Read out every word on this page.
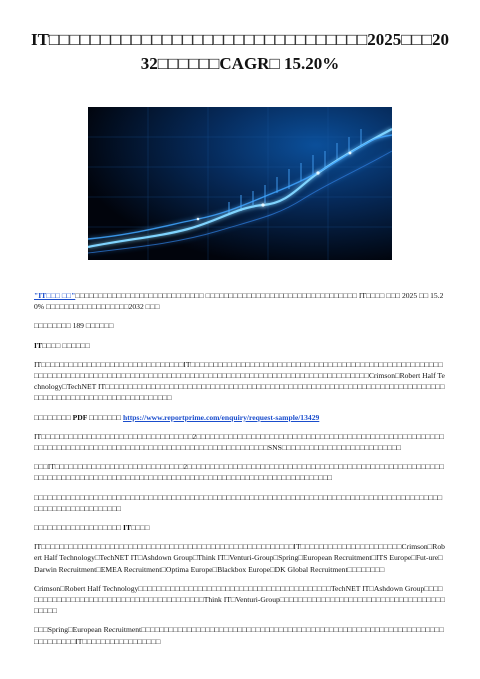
IT□□□□□□□□□□□□□□□□□□□□□□□□□□□□□□□2025□□□2032□□□□□□CAGR□ 15.20%

"IT□□□ □□"□□□□□□□□□□□□□□□□□□□□□□□□□□□□ □□□□□□□□□□□□□□□□□□□□□□□□□□□□□□□□□ IT□□□□ □□□ 2025 □□ 15.20% □□□□□□□□□□□□□□□□□□2032 □□□

□□□□□□□□ 189 □□□□□□

IT□□□□ □□□□□□

IT□□□□□□□□□□□□□□□□□□□□□□□□□□□□□□□IT□□□□□□□□□□□□□□□□□□□□□□□□□□□□□□□□□□□□□□□□□□□□□□□□□□□□□□□□□□□□□□□□□□□□□□□□□□□□□□□□□□□□□□□□□□□□□□□□□□□□□□□□□□□□□□□□□□□□□□□□□□□□□□□□Crimson□Robert Half Technology□TechNET IT□□□□□□□□□□□□□□□□□□□□□□□□□□□□□□□□□□□□□□□□□□□□□□□□□□□□□□□□□□□□□□□□□□□□□□□□□□□□□□□□□□□□□□□□□□□□□□□□□□□□□□□□

□□□□□□□□ PDF □□□□□□□ https://www.reportprime.com/enquiry/request-sample/13429

IT□□□□□□□□□□□□□□□□□□□□□□□□□□□□□□□□□2□□□□□□□□□□□□□□□□□□□□□□□□□□□□□□□□□□□□□□□□□□□□□□□□□□□□□□□□□□□□□□□□□□□□□□□□□□□□□□□□□□□□□□□□□□□□□□□□□□□□□□□□□SNS□□□□□□□□□□□□□□□□□□□□□□□□□□

□□□IT□□□□□□□□□□□□□□□□□□□□□□□□□□□□2□□□□□□□□□□□□□□□□□□□□□□□□□□□□□□□□□□□□□□□□□□□□□□□□□□□□□□□□□□□□□□□□□□□□□□□□□□□□□□□□□□□□□□□□□□□□□□□□□□□□□□□□□□□□□□□□□□□□□□□□□

□□□□□□□□□□□□□□□□□□□□□□□□□□□□□□□□□□□□□□□□□□□□□□□□□□□□□□□□□□□□□□□□□□□□□□□□□□□□□□□□□□□□□□□□□□□□□□□□□□□□□□□□□□□□

□□□□□□□□□□□□□□□□□□□ IT□□□□

IT□□□□□□□□□□□□□□□□□□□□□□□□□□□□□□□□□□□□□□□□□□□□□□□□□□□□□□□IT□□□□□□□□□□□□□□□□□□□□□□Crimson□Robert Half Technology□TechNET IT□Ashdown Group□Think IT□Venturi-Group□Spring□European Recruitment□ITS Europe□Fut-ure□Darwin Recruitment□EMEA Recruitment□Optima Europe□Blackbox Europe□DK Global Recruitment□□□□□□□□

Crimson□Robert Half Technology□□□□□□□□□□□□□□□□□□□□□□□□□□□□□□□□□□□□□□□□□□TechNET IT□Ashdown Group□□□□□□□□□□□□□□□□□□□□□□□□□□□□□□□□□□□□□□□□□Think IT□Venturi-Group□□□□□□□□□□□□□□□□□□□□□□□□□□□□□□□□□□□□□□□□□

□□□Spring□European Recruitment□□□□□□□□□□□□□□□□□□□□□□□□□□□□□□□□□□□□□□□□□□□□□□□□□□□□□□□□□□□□□□□□□□□□□□□□□□□IT□□□□□□□□□□□□□□□□□
